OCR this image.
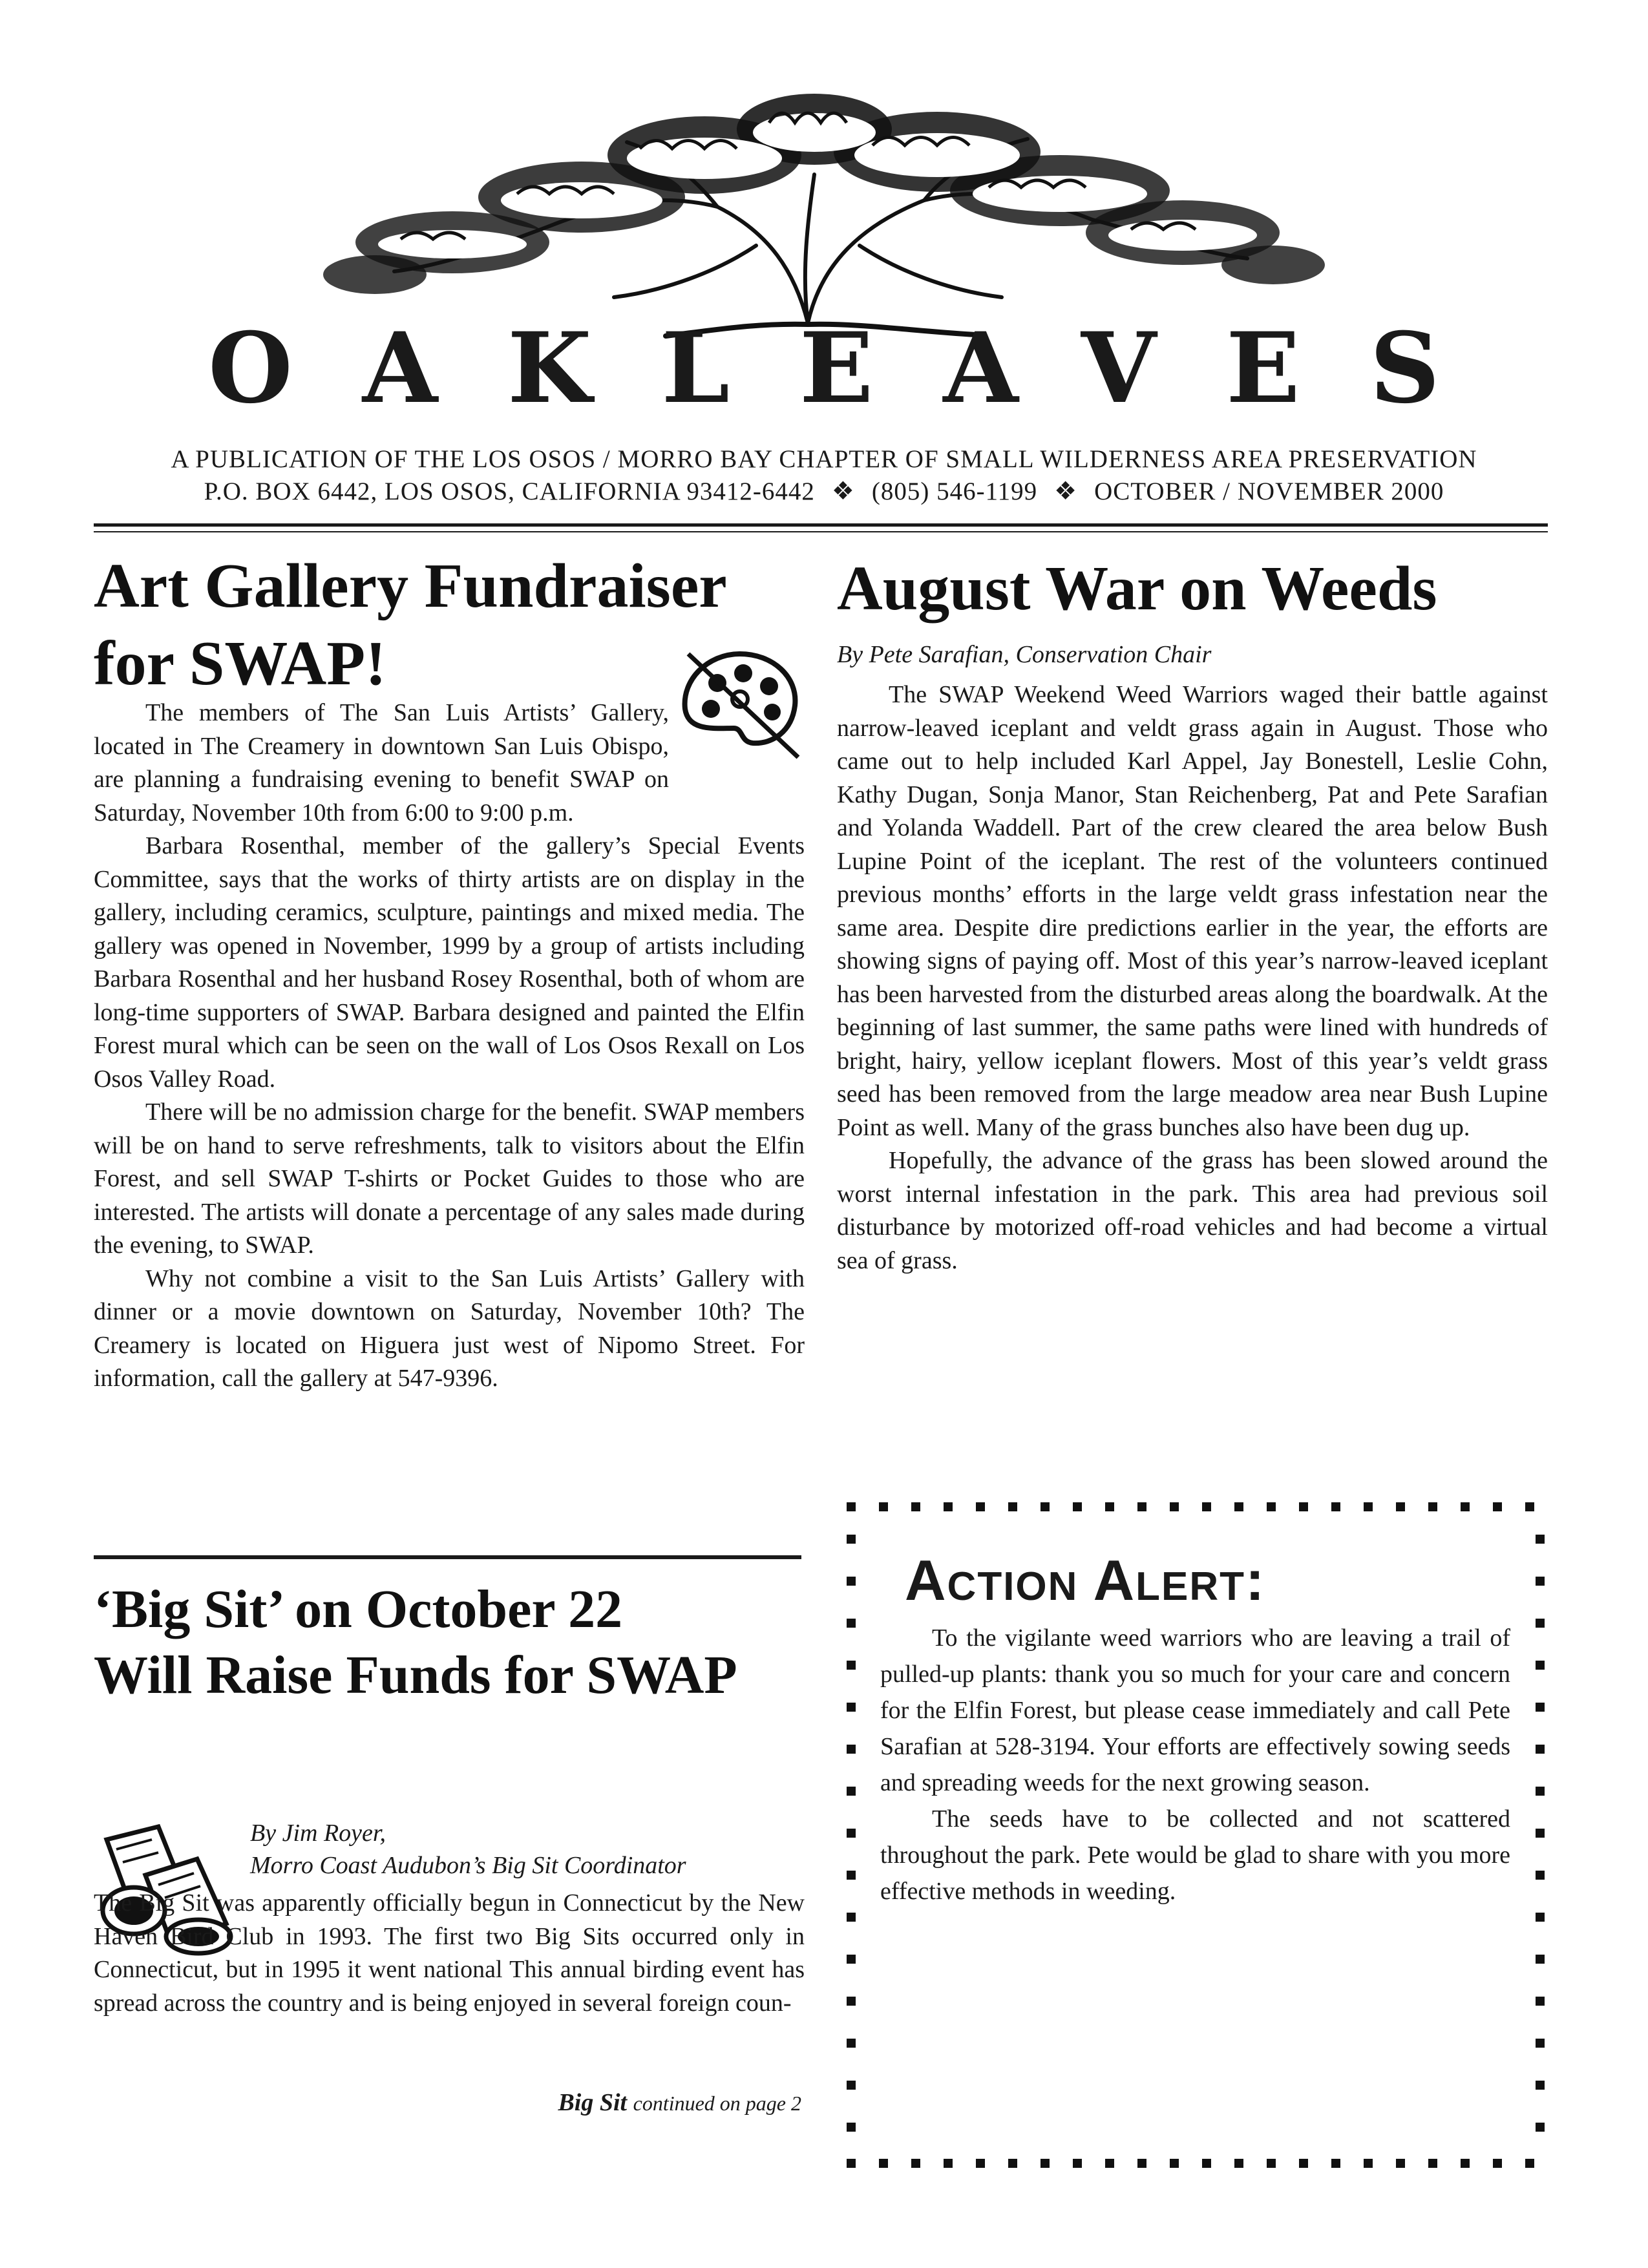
OAKLEAVES
A PUBLICATION OF THE LOS OSOS / MORRO BAY CHAPTER OF SMALL WILDERNESS AREA PRESERVATION
P.O. BOX 6442, LOS OSOS, CALIFORNIA 93412-6442 ❖ (805) 546-1199 ❖ OCTOBER / NOVEMBER 2000
Art Gallery Fundraiser
for SWAP!

The members of The San Luis Artists’ Gallery, located in The Creamery in downtown San Luis Obispo, are planning a fundraising evening to benefit SWAP on Saturday, November 10th from 6:00 to 9:00 p.m.

Barbara Rosenthal, member of the gallery’s Special Events Committee, says that the works of thirty artists are on display in the gallery, including ceramics, sculpture, paintings and mixed media. The gallery was opened in November, 1999 by a group of artists including Barbara Rosenthal and her husband Rosey Rosenthal, both of whom are long-time supporters of SWAP. Barbara designed and painted the Elfin Forest mural which can be seen on the wall of Los Osos Rexall on Los Osos Valley Road.

There will be no admission charge for the benefit. SWAP members will be on hand to serve refreshments, talk to visitors about the Elfin Forest, and sell SWAP T-shirts or Pocket Guides to those who are interested. The artists will donate a percentage of any sales made during the evening, to SWAP.

Why not combine a visit to the San Luis Artists’ Gallery with dinner or a movie downtown on Saturday, November 10th? The Creamery is located on Higuera just west of Nipomo Street. For information, call the gallery at 547-9396.

‘Big Sit’ on October 22
Will Raise Funds for SWAP
By Jim Royer,
Morro Coast Audubon’s Big Sit Coordinator

The Big Sit was apparently officially begun in Connecticut by the New Haven Bird Club in 1993. The first two Big Sits occurred only in Connecticut, but in 1995 it went national This annual birding event has spread across the country and is being enjoyed in several foreign coun-

Big Sit continued on page 2
August War on Weeds
By Pete Sarafian, Conservation Chair

The SWAP Weekend Weed Warriors waged their battle against narrow-leaved iceplant and veldt grass again in August. Those who came out to help included Karl Appel, Jay Bonestell, Leslie Cohn, Kathy Dugan, Sonja Manor, Stan Reichenberg, Pat and Pete Sarafian and Yolanda Waddell. Part of the crew cleared the area below Bush Lupine Point of the iceplant. The rest of the volunteers continued previous months’ efforts in the large veldt grass infestation near the same area. Despite dire predictions earlier in the year, the efforts are showing signs of paying off. Most of this year’s narrow-leaved iceplant has been harvested from the disturbed areas along the boardwalk. At the beginning of last summer, the same paths were lined with hundreds of bright, hairy, yellow iceplant flowers. Most of this year’s veldt grass seed has been removed from the large meadow area near Bush Lupine Point as well. Many of the grass bunches also have been dug up.

Hopefully, the advance of the grass has been slowed around the worst internal infestation in the park. This area had previous soil disturbance by motorized off-road vehicles and had become a virtual sea of grass.

Action Alert:

To the vigilante weed warriors who are leaving a trail of pulled-up plants: thank you so much for your care and concern for the Elfin Forest, but please cease immediately and call Pete Sarafian at 528-3194. Your efforts are effectively sowing seeds and spreading weeds for the next growing season.

The seeds have to be collected and not scattered throughout the park. Pete would be glad to share with you more effective methods in weeding.
